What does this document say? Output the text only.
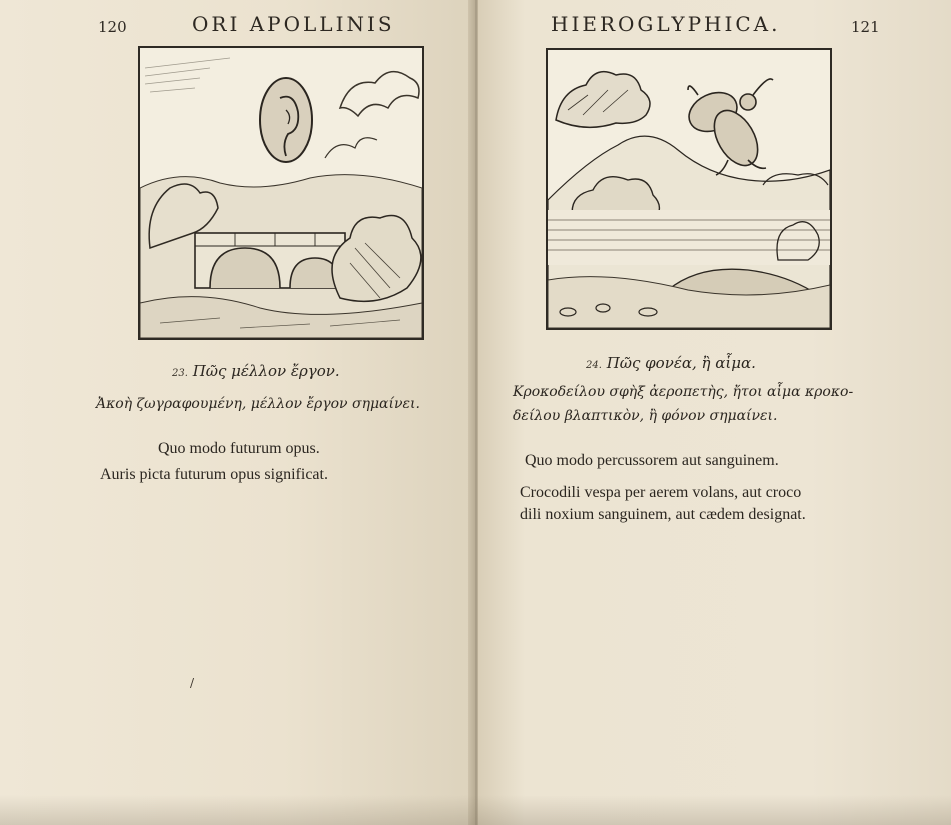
120	ORI APOLLINIS
23. Πῶς μέλλον ἔργον.
Ἀκοὴ ζωγραφουμένη, μέλλον ἔργον σημαίνει.
Quo modo futurum opus.
Auris picta futurum opus significat.
/
HIEROGLYPHICA.	121
24. Πῶς φονέα, ἢ αἷμα.
Κροκοδείλου σφὴξ ἀεροπετὴς, ἤτοι αἷμα κροκο-
δείλου βλαπτικὸν, ἢ φόνον σημαίνει.
Quo modo percussorem aut sanguinem.
Crocodili vespa per aerem volans, aut croco
dili noxium sanguinem, aut cædem designat.
